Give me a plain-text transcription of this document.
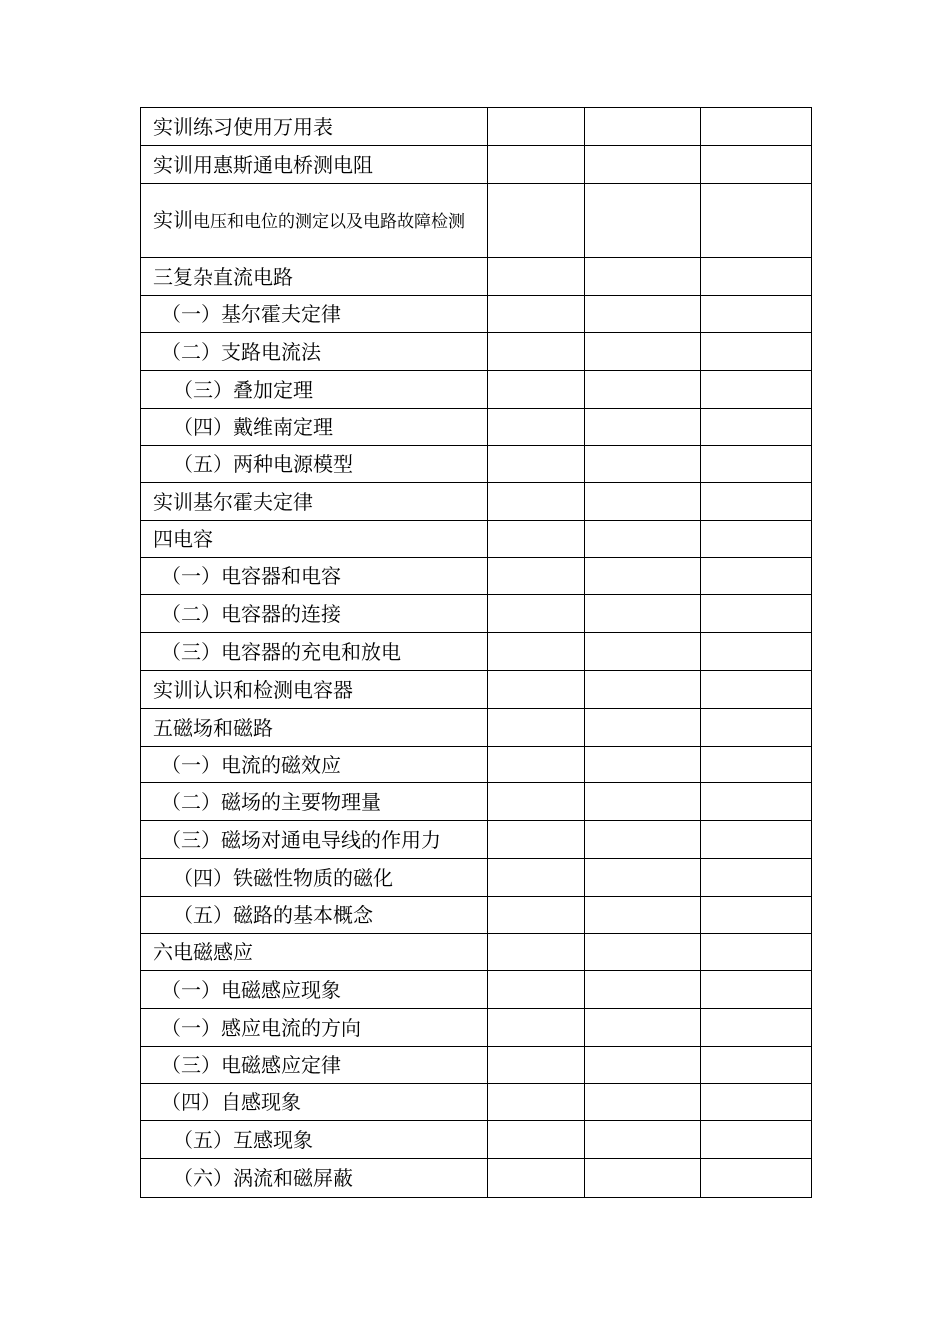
实训练习使用万用表			
实训用惠斯通电桥测电阻			
实训电压和电位的测定以及电路故障检测			
三复杂直流电路			
（一）基尔霍夫定律			
（二）支路电流法			
（三）叠加定理			
（四）戴维南定理			
（五）两种电源模型			
实训基尔霍夫定律			
四电容			
（一）电容器和电容			
（二）电容器的连接			
（三）电容器的充电和放电			
实训认识和检测电容器			
五磁场和磁路			
（一）电流的磁效应			
（二）磁场的主要物理量			
（三）磁场对通电导线的作用力			
（四）铁磁性物质的磁化			
（五）磁路的基本概念			
六电磁感应			
（一）电磁感应现象			
（一）感应电流的方向			
（三）电磁感应定律			
（四）自感现象			
（五）互感现象			
（六）涡流和磁屏蔽			
